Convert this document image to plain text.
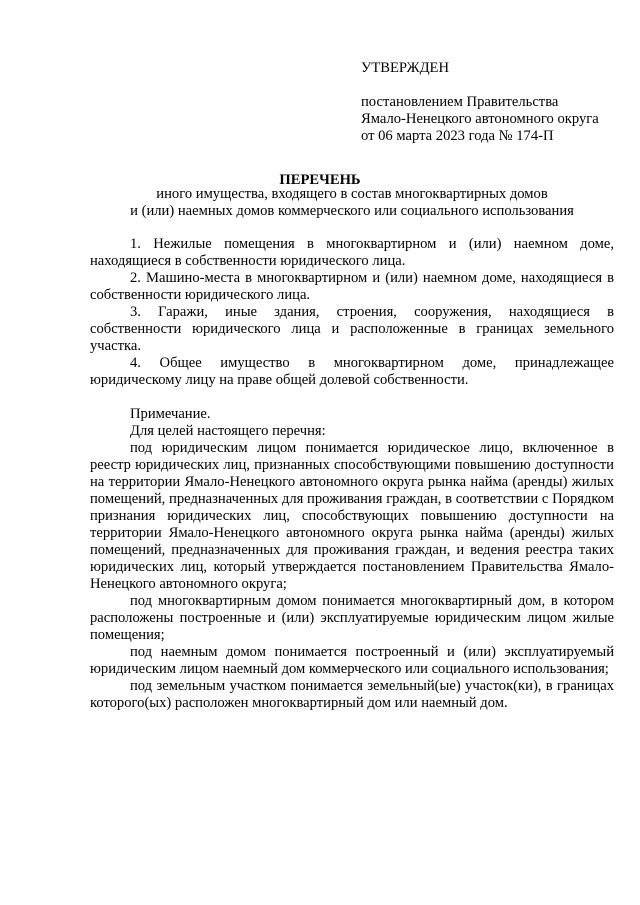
УТВЕРЖДЕН
постановлением Правительства
Ямало-Ненецкого автономного округа
от 06 марта 2023 года № 174-П
ПЕРЕЧЕНЬ
иного имущества, входящего в состав многоквартирных домов
и (или) наемных домов коммерческого или социального использования

1. Нежилые помещения в многоквартирном и (или) наемном доме, находящиеся в собственности юридического лица.

2. Машино-места в многоквартирном и (или) наемном доме, находящиеся в собственности юридического лица.

3. Гаражи, иные здания, строения, сооружения, находящиеся в собственности юридического лица и расположенные в границах земельного участка.

4. Общее имущество в многоквартирном доме, принадлежащее юридическому лицу на праве общей долевой собственности.

Примечание.

Для целей настоящего перечня:

под юридическим лицом понимается юридическое лицо, включенное в реестр юридических лиц, признанных способствующими повышению доступности на территории Ямало-Ненецкого автономного округа рынка найма (аренды) жилых помещений, предназначенных для проживания граждан, в соответствии с Порядком признания юридических лиц, способствующих повышению доступности на территории Ямало-Ненецкого автономного округа рынка найма (аренды) жилых помещений, предназначенных для проживания граждан, и ведения реестра таких юридических лиц, который утверждается постановлением Правительства Ямало-Ненецкого автономного округа;

под многоквартирным домом понимается многоквартирный дом, в котором расположены построенные и (или) эксплуатируемые юридическим лицом жилые помещения;

под наемным домом понимается построенный и (или) эксплуатируемый юридическим лицом наемный дом коммерческого или социального использования;

под земельным участком понимается земельный(ые) участок(ки), в границах которого(ых) расположен многоквартирный дом или наемный дом.
